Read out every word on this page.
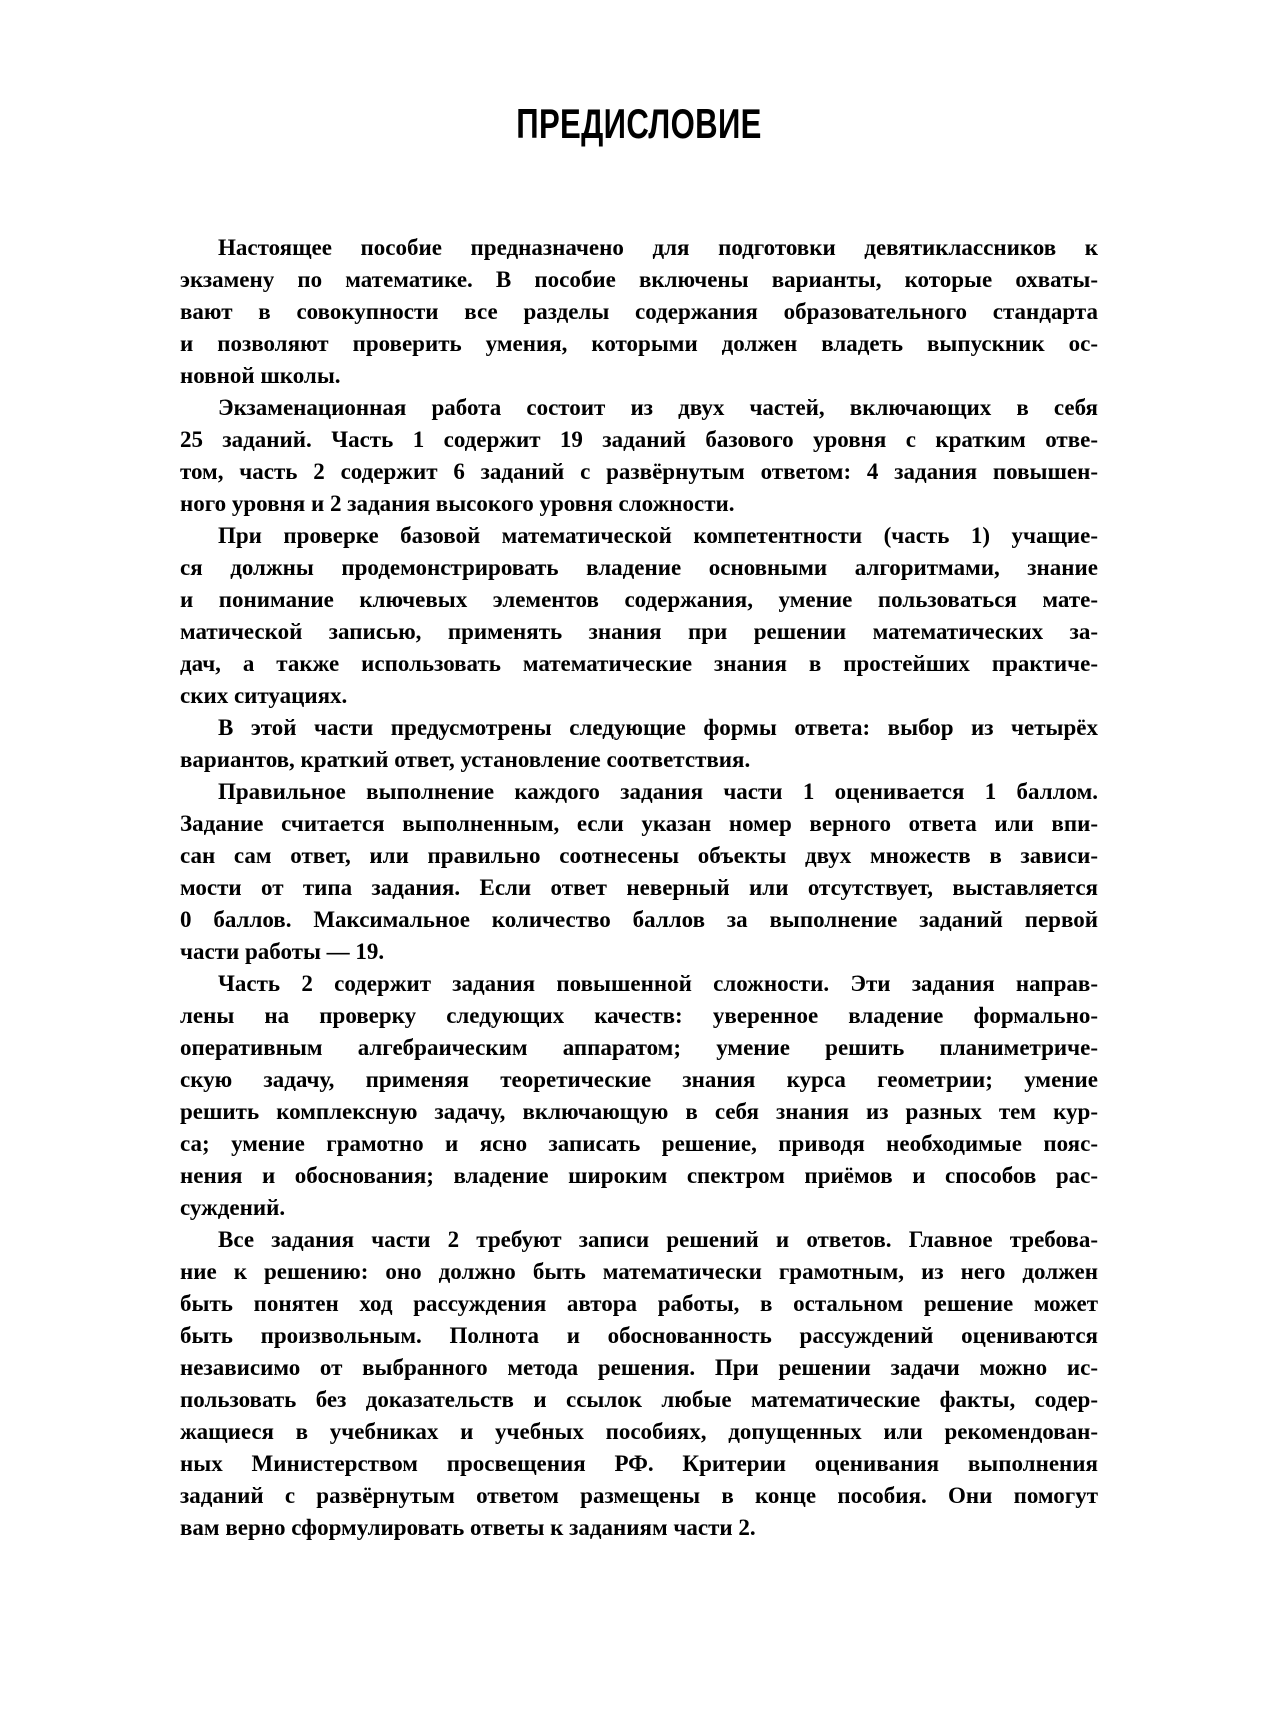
ПРЕДИСЛОВИЕ

Настоящее пособие предназначено для подготовки девятиклассников к
экзамену по математике. В пособие включены варианты, которые охваты-
вают в совокупности все разделы содержания образовательного стандарта
и позволяют проверить умения, которыми должен владеть выпускник ос-
новной школы.

Экзаменационная работа состоит из двух частей, включающих в себя
25 заданий. Часть 1 содержит 19 заданий базового уровня с кратким отве-
том, часть 2 содержит 6 заданий с развёрнутым ответом: 4 задания повышен-
ного уровня и 2 задания высокого уровня сложности.

При проверке базовой математической компетентности (часть 1) учащие-
ся должны продемонстрировать владение основными алгоритмами, знание
и понимание ключевых элементов содержания, умение пользоваться мате-
матической записью, применять знания при решении математических за-
дач, а также использовать математические знания в простейших практиче-
ских ситуациях.

В этой части предусмотрены следующие формы ответа: выбор из четырёх
вариантов, краткий ответ, установление соответствия.

Правильное выполнение каждого задания части 1 оценивается 1 баллом.
Задание считается выполненным, если указан номер верного ответа или впи-
сан сам ответ, или правильно соотнесены объекты двух множеств в зависи-
мости от типа задания. Если ответ неверный или отсутствует, выставляется
0 баллов. Максимальное количество баллов за выполнение заданий первой
части работы — 19.

Часть 2 содержит задания повышенной сложности. Эти задания направ-
лены на проверку следующих качеств: уверенное владение формально-
оперативным алгебраическим аппаратом; умение решить планиметриче-
скую задачу, применяя теоретические знания курса геометрии; умение
решить комплексную задачу, включающую в себя знания из разных тем кур-
са; умение грамотно и ясно записать решение, приводя необходимые пояс-
нения и обоснования; владение широким спектром приёмов и способов рас-
суждений.

Все задания части 2 требуют записи решений и ответов. Главное требова-
ние к решению: оно должно быть математически грамотным, из него должен
быть понятен ход рассуждения автора работы, в остальном решение может
быть произвольным. Полнота и обоснованность рассуждений оцениваются
независимо от выбранного метода решения. При решении задачи можно ис-
пользовать без доказательств и ссылок любые математические факты, содер-
жащиеся в учебниках и учебных пособиях, допущенных или рекомендован-
ных Министерством просвещения РФ. Критерии оценивания выполнения
заданий с развёрнутым ответом размещены в конце пособия. Они помогут
вам верно сформулировать ответы к заданиям части 2.
